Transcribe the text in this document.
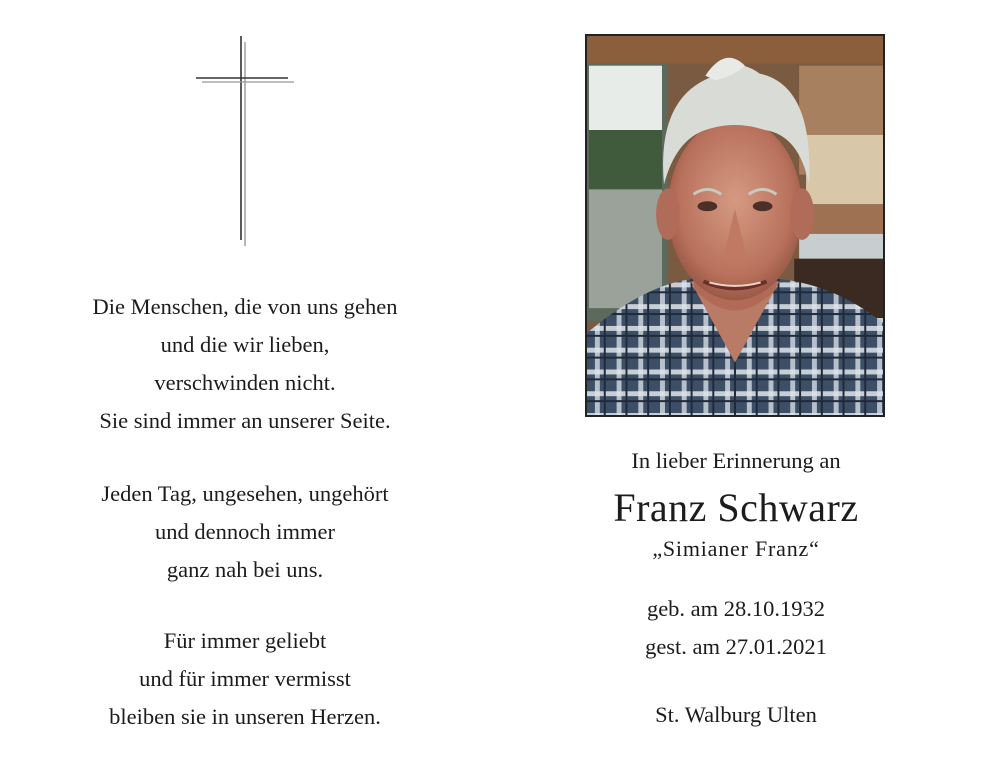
Die Menschen, die von uns gehen
und die wir lieben,
verschwinden nicht.
Sie sind immer an unserer Seite.
Jeden Tag, ungesehen, ungehört
und dennoch immer
ganz nah bei uns.
Für immer geliebt
und für immer vermisst
bleiben sie in unseren Herzen.
In lieber Erinnerung an
Franz Schwarz
„Simianer Franz“
geb. am 28.10.1932
gest. am 27.01.2021
St. Walburg Ulten
